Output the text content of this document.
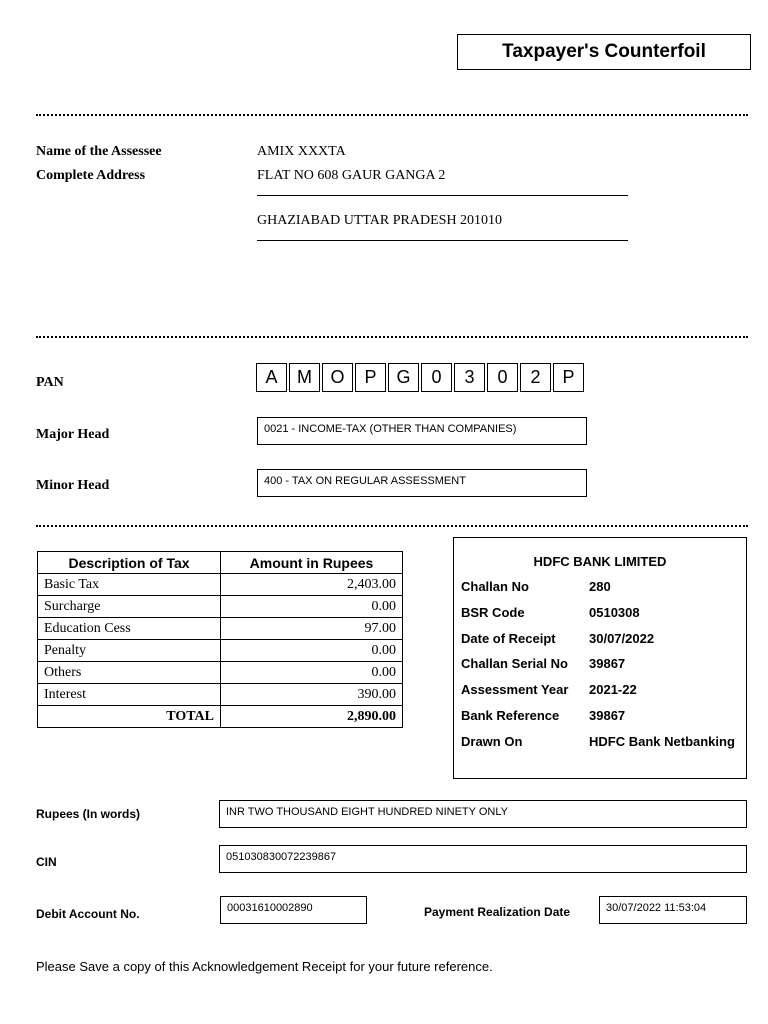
Taxpayer's Counterfoil
Name of the Assessee	AMIX XXXTA
Complete Address	FLAT NO 608 GAUR GANGA 2
GHAZIABAD UTTAR PRADESH 201010
PAN	A	M	O	P	G	0	3	0	2	P
Major Head	0021 - INCOME-TAX (OTHER THAN COMPANIES)
Minor Head	400 - TAX ON REGULAR ASSESSMENT
Description of Tax	Amount in Rupees
Basic Tax	2,403.00
Surcharge	0.00
Education Cess	97.00
Penalty	0.00
Others	0.00
Interest	390.00
TOTAL	2,890.00
HDFC BANK LIMITED
Challan No	280
BSR Code	0510308
Date of Receipt	30/07/2022
Challan Serial No 39867
Assessment Year 2021-22
Bank Reference 39867
Drawn On	HDFC Bank Netbanking
Rupees (In words)	INR TWO THOUSAND EIGHT HUNDRED NINETY ONLY
CIN	051030830072239867
Debit Account No.	00031610002890	Payment Realization Date	30/07/2022 11:53:04
Please Save a copy of this Acknowledgement Receipt for your future reference.
